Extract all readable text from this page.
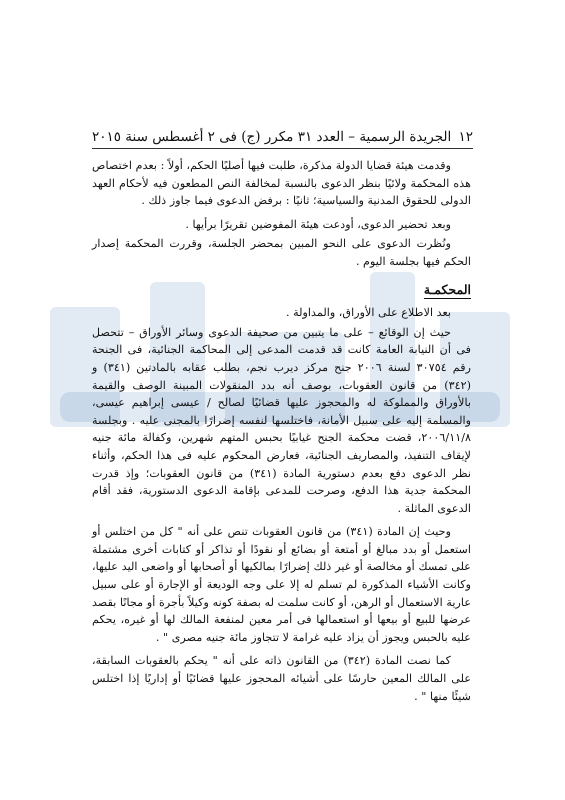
١٢
الجريدة الرسمية – العدد ٣١ مكرر (ج) فى ٢ أغسطس سنة ٢٠١٥

وقدمت هيئة قضايا الدولة مذكرة، طلبت فيها أصليًا الحكم، أولاً : بعدم اختصاص هذه المحكمة ولائيًا بنظر الدعوى بالنسبة لمخالفة النص المطعون فيه لأحكام العهد الدولى للحقوق المدنية والسياسية؛ ثانيًا : برفض الدعوى فيما جاوز ذلك .

وبعد تحضير الدعوى، أودعت هيئة المفوضين تقريرًا برأيها .

ونُظرت الدعوى على النحو المبين بمحضر الجلسة، وقررت المحكمة إصدار الحكم فيها بجلسة اليوم .

المحكمـة

بعد الاطلاع على الأوراق، والمداولة .

حيث إن الوقائع – على ما يتبين من صحيفة الدعوى وسائر الأوراق – تتحصل فى أن النيابة العامة كانت قد قدمت المدعى إلى المحاكمة الجنائية، فى الجنحة رقم ٣٠٧٥٤ لسنة ٢٠٠٦ جنح مركز ديرب نجم، بطلب عقابه بالمادتين (٣٤١) و (٣٤٢) من قانون العقوبات، بوصف أنه بدد المنقولات المبينة الوصف والقيمة بالأوراق والمملوكة له والمحجوز عليها قضائيًا لصالح / عيسى إبراهيم عيسى، والمسلمة إليه على سبيل الأمانة، فاختلسها لنفسه إضرارًا بالمجنى عليه . وبجلسة ٢٠٠٦/١١/٨، قضت محكمة الجنح غيابيًا بحبس المتهم شهرين، وكفالة مائة جنيه لإيقاف التنفيذ، والمصاريف الجنائية، فعارض المحكوم عليه فى هذا الحكم، وأثناء نظر الدعوى دفع بعدم دستورية المادة (٣٤١) من قانون العقوبات؛ وإذ قدرت المحكمة جدية هذا الدفع، وصرحت للمدعى بإقامة الدعوى الدستورية، فقد أقام الدعوى الماثلة .

وحيث إن المادة (٣٤١) من قانون العقوبات تنص على أنه " كل من اختلس أو استعمل أو بدد مبالغ أو أمتعة أو بضائع أو نقودًا أو تذاكر أو كتابات أخرى مشتملة على تمسك أو مخالصة أو غير ذلك إضرارًا بمالكيها أو أصحابها أو واضعى اليد عليها، وكانت الأشياء المذكورة لم تسلم له إلا على وجه الوديعة أو الإجارة أو على سبيل عارية الاستعمال أو الرهن، أو كانت سلمت له بصفة كونه وكيلاً بأجرة أو مجانًا بقصد عرضها للبيع أو بيعها أو استعمالها فى أمر معين لمنفعة المالك لها أو غيره، يحكم عليه بالحبس ويجوز أن يزاد عليه غرامة لا تتجاوز مائة جنيه مصرى " .

كما نصت المادة (٣٤٢) من القانون ذاته على أنه " يحكم بالعقوبات السابقة، على المالك المعين حارسًا على أشيائه المحجوز عليها قضائيًا أو إداريًا إذا اختلس شيئًا منها " .
